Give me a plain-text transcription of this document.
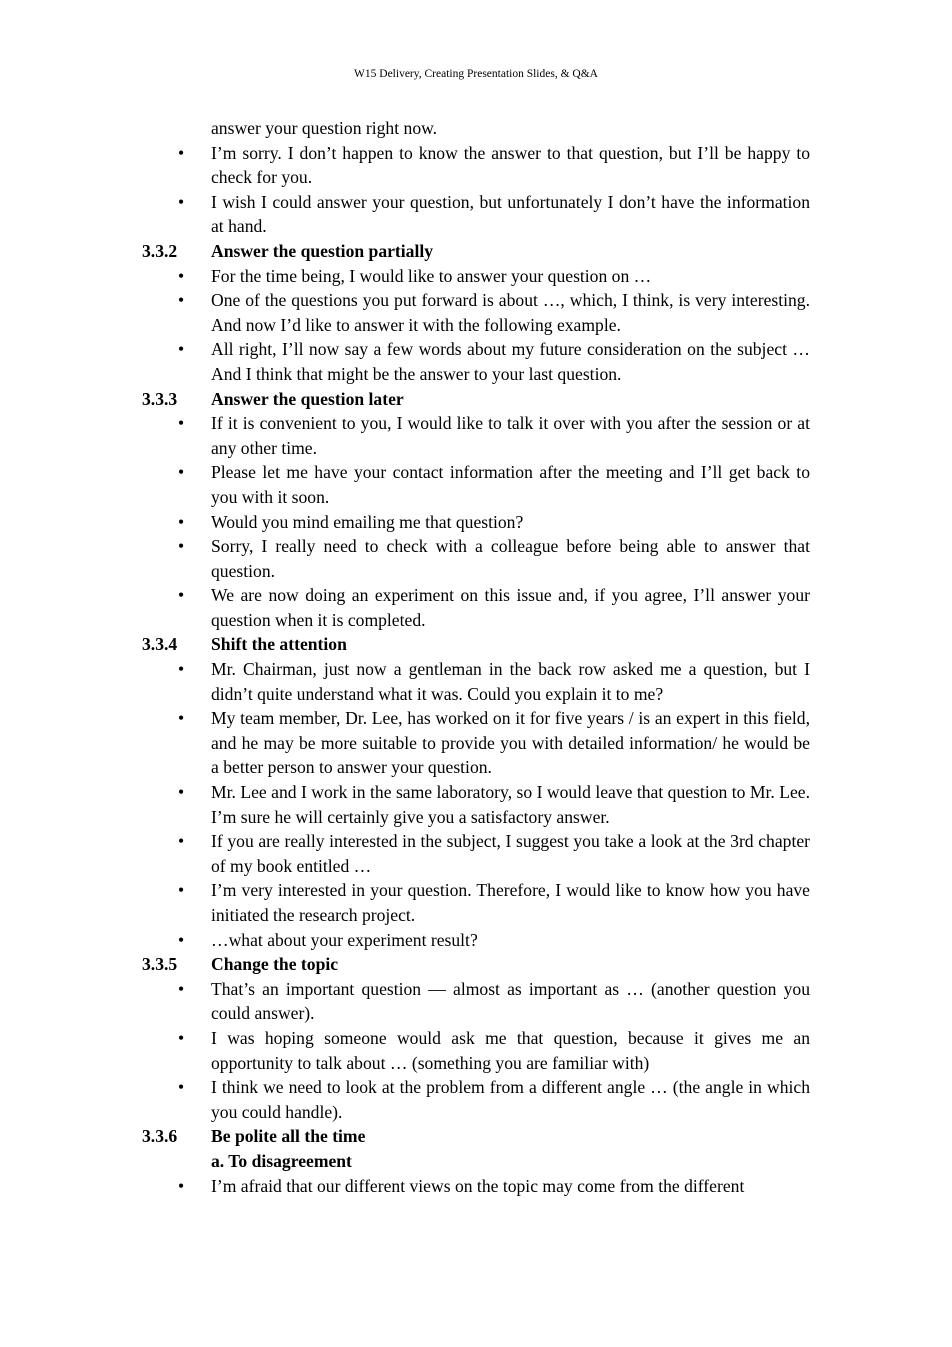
W15 Delivery, Creating Presentation Slides, & Q&A
answer your question right now.
• I’m sorry. I don’t happen to know the answer to that question, but I’ll be happy to check for you.
• I wish I could answer your question, but unfortunately I don’t have the information at hand.
3.3.2	Answer the question partially
• For the time being, I would like to answer your question on …
• One of the questions you put forward is about …, which, I think, is very interesting. And now I’d like to answer it with the following example.
• All right, I’ll now say a few words about my future consideration on the subject … And I think that might be the answer to your last question.
3.3.3	Answer the question later
• If it is convenient to you, I would like to talk it over with you after the session or at any other time.
• Please let me have your contact information after the meeting and I’ll get back to you with it soon.
• Would you mind emailing me that question?
• Sorry, I really need to check with a colleague before being able to answer that question.
• We are now doing an experiment on this issue and, if you agree, I’ll answer your question when it is completed.
3.3.4	Shift the attention
• Mr. Chairman, just now a gentleman in the back row asked me a question, but I didn’t quite understand what it was. Could you explain it to me?
• My team member, Dr. Lee, has worked on it for five years / is an expert in this field, and he may be more suitable to provide you with detailed information/ he would be a better person to answer your question.
• Mr. Lee and I work in the same laboratory, so I would leave that question to Mr. Lee. I’m sure he will certainly give you a satisfactory answer.
• If you are really interested in the subject, I suggest you take a look at the 3rd chapter of my book entitled …
• I’m very interested in your question. Therefore, I would like to know how you have initiated the research project.
• …what about your experiment result?
3.3.5	Change the topic
• That’s an important question — almost as important as … (another question you could answer).
• I was hoping someone would ask me that question, because it gives me an opportunity to talk about … (something you are familiar with)
• I think we need to look at the problem from a different angle … (the angle in which you could handle).
3.3.6	Be polite all the time
a. To disagreement
• I’m afraid that our different views on the topic may come from the different
